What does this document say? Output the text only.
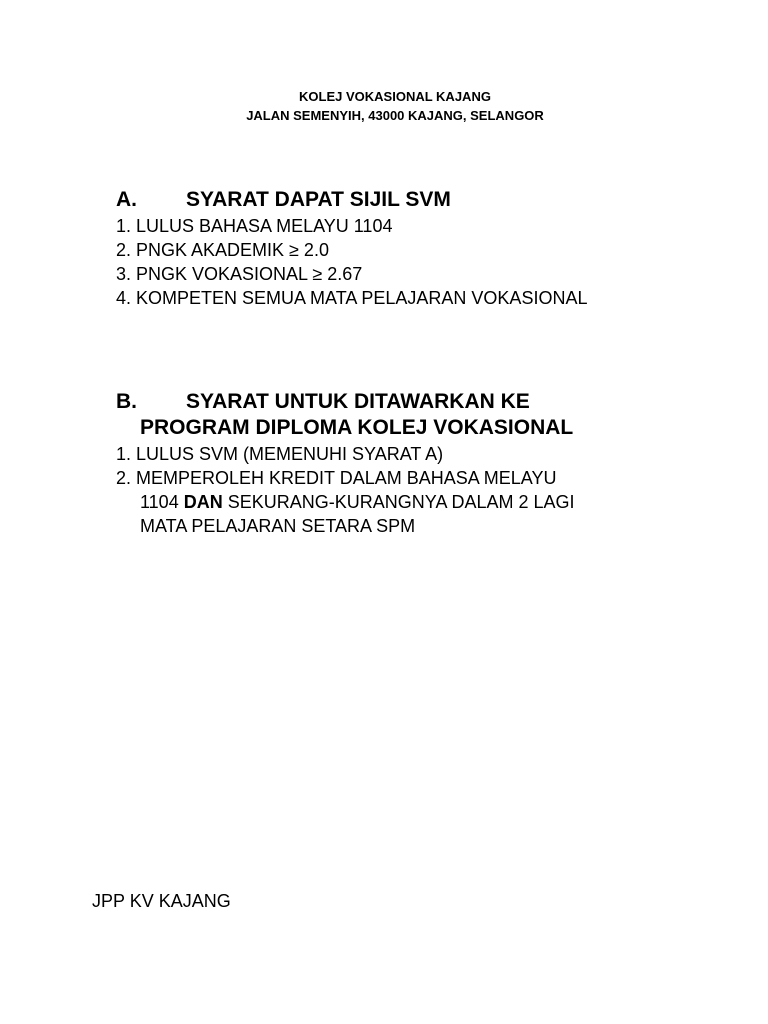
KOLEJ VOKASIONAL KAJANG
JALAN SEMENYIH, 43000 KAJANG, SELANGOR
A. SYARAT DAPAT SIJIL SVM
1. LULUS BAHASA MELAYU 1104
2. PNGK AKADEMIK ≥ 2.0
3. PNGK VOKASIONAL ≥ 2.67
4. KOMPETEN SEMUA MATA PELAJARAN VOKASIONAL
B. SYARAT UNTUK DITAWARKAN KE
PROGRAM DIPLOMA KOLEJ VOKASIONAL
1. LULUS SVM (MEMENUHI SYARAT A)
2. MEMPEROLEH KREDIT DALAM BAHASA MELAYU
1104 DAN SEKURANG-KURANGNYA DALAM 2 LAGI
MATA PELAJARAN SETARA SPM
JPP KV KAJANG
